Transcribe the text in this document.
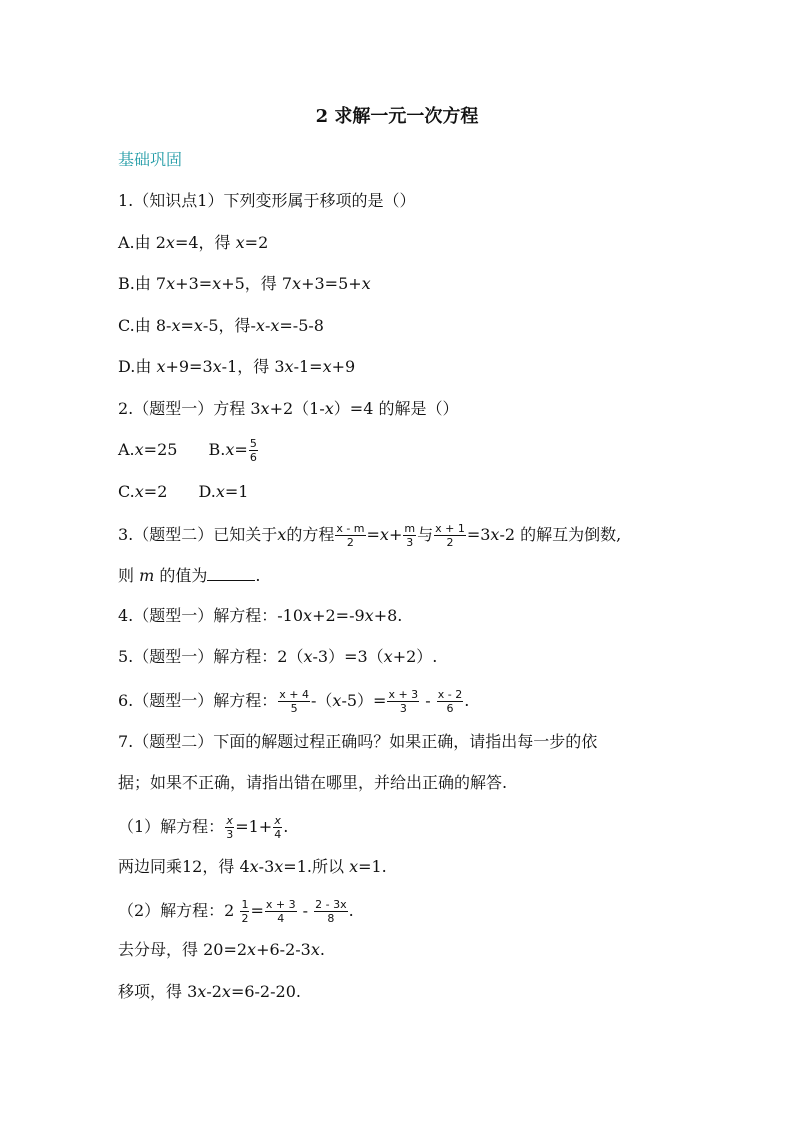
2 求解一元一次方程
基础巩固
1.（知识点1）下列变形属于移项的是（）
A.由 2x=4，得 x=2
B.由 7x+3=x+5，得 7x+3=5+x
C.由 8-x=x-5，得-x-x=-5-8
D.由 x+9=3x-1，得 3x-1=x+9
2.（题型一）方程 3x+2（1-x）=4 的解是（）
A.x=25 $B.x= \frac{5}{6}$
C.x=2 D.x=1
3.（题型二）已知关于x的方程 $\frac{x - m}{2} =x+ \frac{m}{3}$ 与 $\frac{x + 1}{2} =3x-2$ 的解互为倒数,
则 m 的值为	.
4.（题型一）解方程：-10x+2=-9x+8.
5.（题型一）解方程：2（x-3）=3（x+2）.
6.（题型一）解方程： $\frac{x + 4}{5} -(x-5)= \frac{x + 3}{3} - \frac{x - 2}{6}$ .
7.（题型二）下面的解题过程正确吗？如果正确，请指出每一步的依
据；如果不正确，请指出错在哪里，并给出正确的解答.
（1）解方程： $\frac{x}{3} =1+ \frac{x}{4}$ .
两边同乘12，得 4x-3x=1.所以 x=1.
（2）解方程：$2 \frac{1}{2} = \frac{x + 3}{4} - \frac{2 - 3x}{8}$ .
去分母，得 20=2x+6-2-3x.
移项，得 3x-2x=6-2-20.
